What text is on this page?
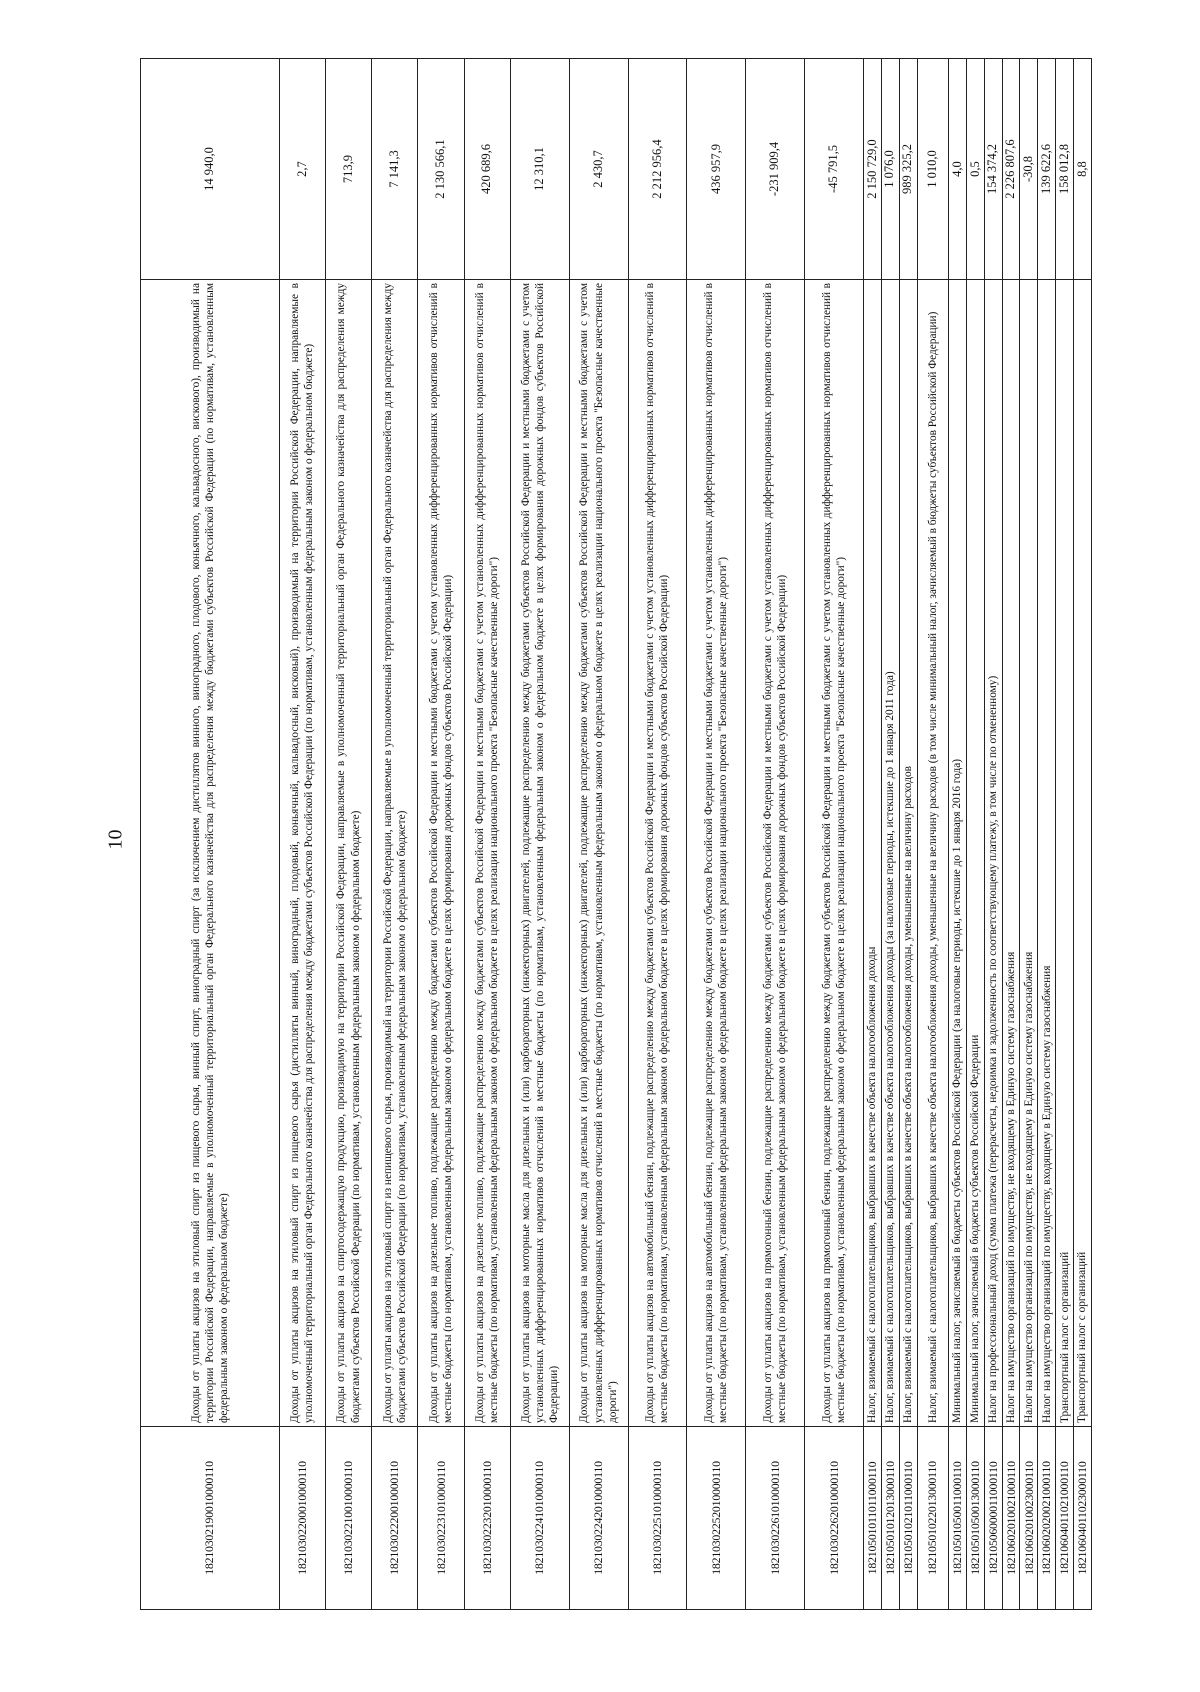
10
18210302190010000110	Доходы от уплаты акцизов на этиловый спирт из пищевого сырья, винный спирт, виноградный спирт (за исключением дистиллятов винного, виноградного, плодового, коньячного, кальвадосного, вискового), производимый на территории Российской Федерации, направляемые в уполномоченный территориальный орган Федерального казначейства для распределения между бюджетами субъектов Российской Федерации (по нормативам, установленным федеральным законом о федеральном бюджете)	14 940,0
18210302200010000110	Доходы от уплаты акцизов на этиловый спирт из пищевого сырья (дистилляты винный, виноградный, плодовый, коньячный, кальвадосный, висковый), производимый на территории Российской Федерации, направляемые в уполномоченный территориальный орган Федерального казначейства для распределения между бюджетами субъектов Российской Федерации (по нормативам, установленным федеральным законом о федеральном бюджете)	2,7
18210302210010000110	Доходы от уплаты акцизов на спиртосодержащую продукцию, производимую на территории Российской Федерации, направляемые в уполномоченный территориальный орган Федерального казначейства для распределения между бюджетами субъектов Российской Федерации (по нормативам, установленным федеральным законом о федеральном бюджете)	713,9
18210302220010000110	Доходы от уплаты акцизов на этиловый спирт из непищевого сырья, производимый на территории Российской Федерации, направляемые в уполномоченный территориальный орган Федерального казначейства для распределения между бюджетами субъектов Российской Федерации (по нормативам, установленным федеральным законом о федеральном бюджете)	7 141,3
18210302231010000110	Доходы от уплаты акцизов на дизельное топливо, подлежащие распределению между бюджетами субъектов Российской Федерации и местными бюджетами с учетом установленных дифференцированных нормативов отчислений в местные бюджеты (по нормативам, установленным федеральным законом о федеральном бюджете в целях формирования дорожных фондов субъектов Российской Федерации)	2 130 566,1
18210302232010000110	Доходы от уплаты акцизов на дизельное топливо, подлежащие распределению между бюджетами субъектов Российской Федерации и местными бюджетами с учетом установленных дифференцированных нормативов отчислений в местные бюджеты (по нормативам, установленным федеральным законом о федеральном бюджете в целях реализации национального проекта "Безопасные качественные дороги")	420 689,6
18210302241010000110	Доходы от уплаты акцизов на моторные масла для дизельных и (или) карбюраторных (инжекторных) двигателей, подлежащие распределению между бюджетами субъектов Российской Федерации и местными бюджетами с учетом установленных дифференцированных нормативов отчислений в местные бюджеты (по нормативам, установленным федеральным законом о федеральном бюджете в целях формирования дорожных фондов субъектов Российской Федерации)	12 310,1
18210302242010000110	Доходы от уплаты акцизов на моторные масла для дизельных и (или) карбюраторных (инжекторных) двигателей, подлежащие распределению между бюджетами субъектов Российской Федерации и местными бюджетами с учетом установленных дифференцированных нормативов отчислений в местные бюджеты (по нормативам, установленным федеральным законом о федеральном бюджете в целях реализации национального проекта "Безопасные качественные дороги")	2 430,7
18210302251010000110	Доходы от уплаты акцизов на автомобильный бензин, подлежащие распределению между бюджетами субъектов Российской Федерации и местными бюджетами с учетом установленных дифференцированных нормативов отчислений в местные бюджеты (по нормативам, установленным федеральным законом о федеральном бюджете в целях формирования дорожных фондов субъектов Российской Федерации)	2 212 956,4
18210302252010000110	Доходы от уплаты акцизов на автомобильный бензин, подлежащие распределению между бюджетами субъектов Российской Федерации и местными бюджетами с учетом установленных дифференцированных нормативов отчислений в местные бюджеты (по нормативам, установленным федеральным законом о федеральном бюджете в целях реализации национального проекта "Безопасные качественные дороги")	436 957,9
18210302261010000110	Доходы от уплаты акцизов на прямогонный бензин, подлежащие распределению между бюджетами субъектов Российской Федерации и местными бюджетами с учетом установленных дифференцированных нормативов отчислений в местные бюджеты (по нормативам, установленным федеральным законом о федеральном бюджете в целях формирования дорожных фондов субъектов Российской Федерации)	-231 909,4
18210302262010000110	Доходы от уплаты акцизов на прямогонный бензин, подлежащие распределению между бюджетами субъектов Российской Федерации и местными бюджетами с учетом установленных дифференцированных нормативов отчислений в местные бюджеты (по нормативам, установленным федеральным законом о федеральном бюджете в целях реализации национального проекта "Безопасные качественные дороги")	-45 791,5
18210501011011000110	Налог, взимаемый с налогоплательщиков, выбравших в качестве объекта налогообложения доходы	2 150 729,0
18210501012013000110	Налог, взимаемый с налогоплательщиков, выбравших в качестве объекта налогообложения доходы (за налоговые периоды, истекшие до 1 января 2011 года)	1 076,0
18210501021011000110	Налог, взимаемый с налогоплательщиков, выбравших в качестве объекта налогообложения доходы, уменьшенные на величину расходов	989 325,2
18210501022013000110	Налог, взимаемый с налогоплательщиков, выбравших в качестве объекта налогообложения доходы, уменьшенные на величину расходов (в том числе минимальный налог, зачисляемый в бюджеты субъектов Российской Федерации)	1 010,0
18210501050011000110	Минимальный налог, зачисляемый в бюджеты субъектов Российской Федерации (за налоговые периоды, истекшие до 1 января 2016 года)	4,0
18210501050013000110	Минимальный налог, зачисляемый в бюджеты субъектов Российской Федерации	0,5
18210506000011000110	Налог на профессиональный доход (сумма платежа (перерасчеты, недоимка и задолженность по соответствующему платежу, в том числе по отмененному)	154 374,2
18210602010021000110	Налог на имущество организаций по имуществу, не входящему в Единую систему газоснабжения	2 226 807,6
18210602010023000110	Налог на имущество организаций по имуществу, не входящему в Единую систему газоснабжения	-30,8
18210602020021000110	Налог на имущество организаций по имуществу, входящему в Единую систему газоснабжения	139 622,6
18210604011021000110	Транспортный налог с организаций	158 012,8
18210604011023000110	Транспортный налог с организаций	8,8
